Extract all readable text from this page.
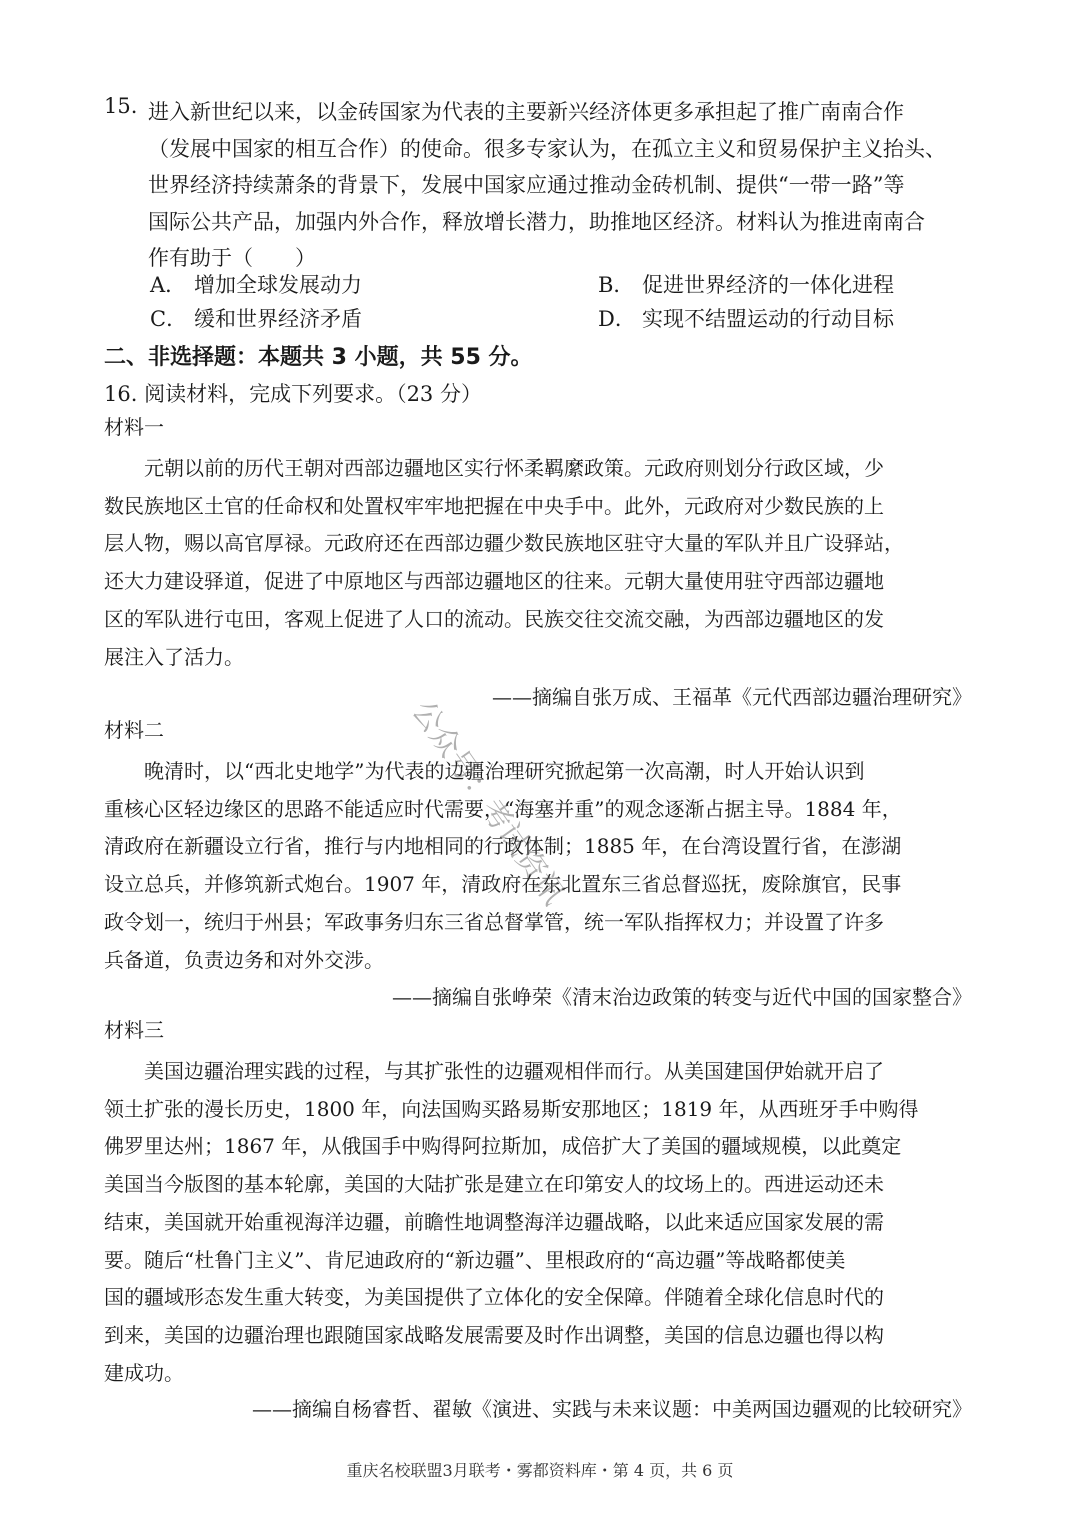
15. 进入新世纪以来，以金砖国家为代表的主要新兴经济体更多承担起了推广南南合作

（发展中国家的相互合作）的使命。很多专家认为，在孤立主义和贸易保护主义抬头、

世界经济持续萧条的背景下，发展中国家应通过推动金砖机制、提供“一带一路”等

国际公共产品，加强内外合作，释放增长潜力，助推地区经济。材料认为推进南南合

作有助于（　　）

A． 增加全球发展动力	B． 促进世界经济的一体化进程
C． 缓和世界经济矛盾	D． 实现不结盟运动的行动目标
二、非选择题：本题共 3 小题，共 55 分。
16. 阅读材料，完成下列要求。（23 分）
材料一

　　元朝以前的历代王朝对西部边疆地区实行怀柔羁縻政策。元政府则划分行政区域，少

数民族地区土官的任命权和处置权牢牢地把握在中央手中。此外，元政府对少数民族的上

层人物，赐以高官厚禄。元政府还在西部边疆少数民族地区驻守大量的军队并且广设驿站，

还大力建设驿道，促进了中原地区与西部边疆地区的往来。元朝大量使用驻守西部边疆地

区的军队进行屯田，客观上促进了人口的流动。民族交往交流交融，为西部边疆地区的发

展注入了活力。

——摘编自张万成、王福革《元代西部边疆治理研究》
材料二

　　晚清时，以“西北史地学”为代表的边疆治理研究掀起第一次高潮，时人开始认识到

重核心区轻边缘区的思路不能适应时代需要，“海塞并重”的观念逐渐占据主导。1884 年，

清政府在新疆设立行省，推行与内地相同的行政体制；1885 年，在台湾设置行省，在澎湖

设立总兵，并修筑新式炮台。1907 年，清政府在东北置东三省总督巡抚，废除旗官，民事

政令划一，统归于州县；军政事务归东三省总督掌管，统一军队指挥权力；并设置了许多

兵备道，负责边务和对外交涉。

——摘编自张峥荣《清末治边政策的转变与近代中国的国家整合》
材料三

　　美国边疆治理实践的过程，与其扩张性的边疆观相伴而行。从美国建国伊始就开启了

领土扩张的漫长历史，1800 年，向法国购买路易斯安那地区；1819 年，从西班牙手中购得

佛罗里达州；1867 年，从俄国手中购得阿拉斯加，成倍扩大了美国的疆域规模，以此奠定

美国当今版图的基本轮廓，美国的大陆扩张是建立在印第安人的坟场上的。西进运动还未

结束，美国就开始重视海洋边疆，前瞻性地调整海洋边疆战略，以此来适应国家发展的需

要。随后“杜鲁门主义”、肯尼迪政府的“新边疆”、里根政府的“高边疆”等战略都使美

国的疆域形态发生重大转变，为美国提供了立体化的安全保障。伴随着全球化信息时代的

到来，美国的边疆治理也跟随国家战略发展需要及时作出调整，美国的信息边疆也得以构

建成功。

——摘编自杨睿哲、翟敏《演进、实践与未来议题：中美两国边疆观的比较研究》
公众号：考试资讯
重庆名校联盟3月联考・雾都资料库・第 4 页，共 6 页
